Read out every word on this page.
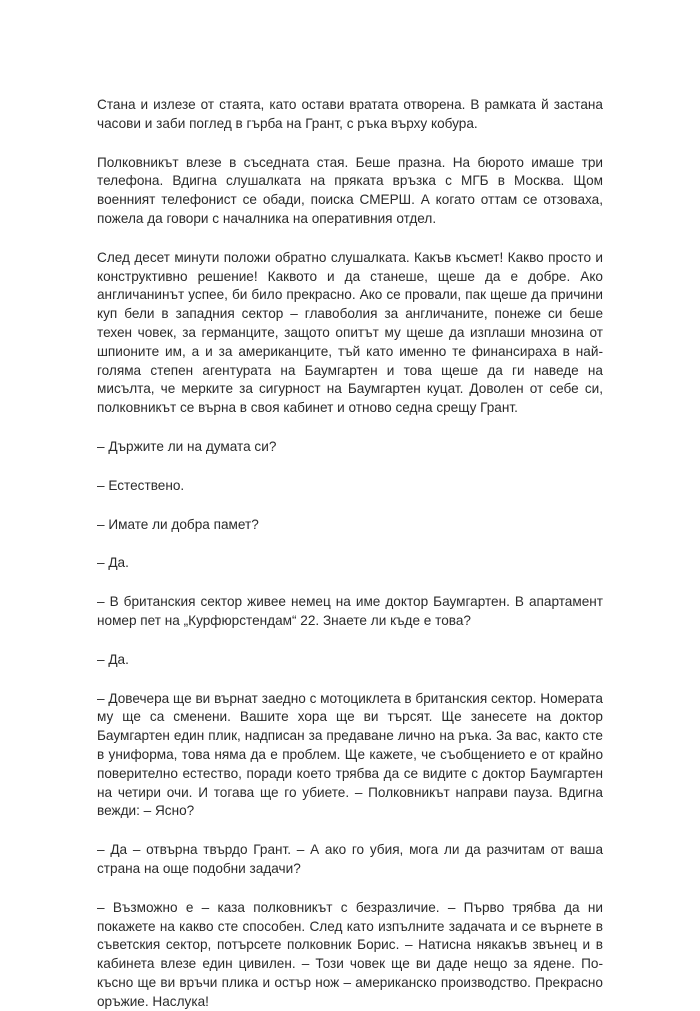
Стана и излезе от стаята, като остави вратата отворена. В рамката й застана часови и заби поглед в гърба на Грант, с ръка върху кобура.

Полковникът влезе в съседната стая. Беше празна. На бюрото имаше три телефона. Вдигна слушалката на пряката връзка с МГБ в Москва. Щом военният телефонист се обади, поиска СМЕРШ. А когато оттам се отзоваха, пожела да говори с началника на оперативния отдел.

След десет минути положи обратно слушалката. Какъв късмет! Какво просто и конструктивно решение! Каквото и да станеше, щеше да е добре. Ако англичанинът успее, би било прекрасно. Ако се провали, пак щеше да причини куп бели в западния сектор – главоболия за англичаните, понеже си беше техен човек, за германците, защото опитът му щеше да изплаши мнозина от шпионите им, а и за американците, тъй като именно те финансираха в най-голяма степен агентурата на Баумгартен и това щеше да ги наведе на мисълта, че мерките за сигурност на Баумгартен куцат. Доволен от себе си, полковникът се върна в своя кабинет и отново седна срещу Грант.

– Държите ли на думата си?

– Естествено.

– Имате ли добра памет?

– Да.

– В британския сектор живее немец на име доктор Баумгартен. В апартамент номер пет на „Курфюрстендам“ 22. Знаете ли къде е това?

– Да.

– Довечера ще ви върнат заедно с мотоциклета в британския сектор. Номерата му ще са сменени. Вашите хора ще ви търсят. Ще занесете на доктор Баумгартен един плик, надписан за предаване лично на ръка. За вас, както сте в униформа, това няма да е проблем. Ще кажете, че съобщението е от крайно поверително естество, поради което трябва да се видите с доктор Баумгартен на четири очи. И тогава ще го убиете. – Полковникът направи пауза. Вдигна вежди: – Ясно?

– Да – отвърна твърдо Грант. – А ако го убия, мога ли да разчитам от ваша страна на още подобни задачи?

– Възможно е – каза полковникът с безразличие. – Първо трябва да ни покажете на какво сте способен. След като изпълните задачата и се върнете в съветския сектор, потърсете полковник Борис. – Натисна някакъв звънец и в кабинета влезе един цивилен. – Този човек ще ви даде нещо за ядене. По-късно ще ви връчи плика и остър нож – американско производство. Прекрасно оръжие. Наслука!
